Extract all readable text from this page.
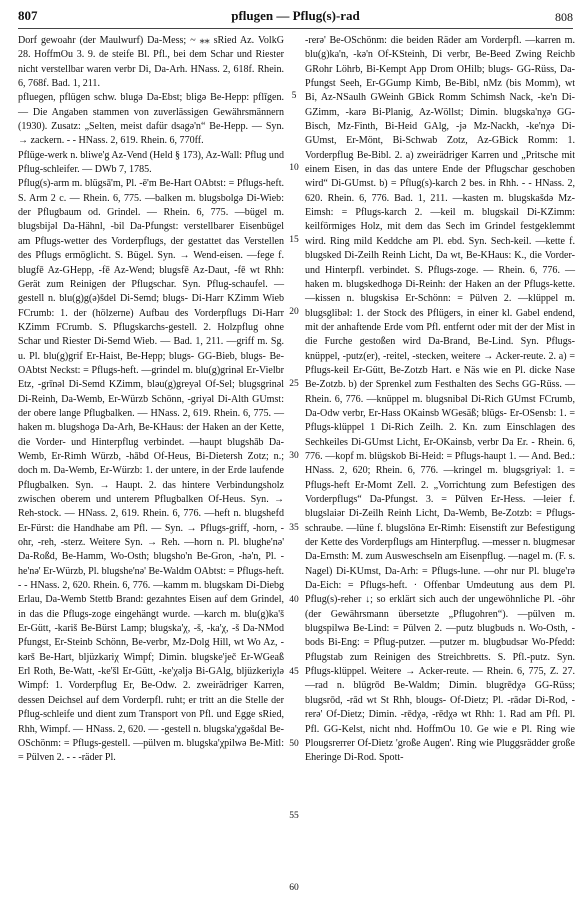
807	pflugen — Pflug(s)-rad	808

Dorf gewoahr (der Maulwurf) Da-Mess; ~ ⁎⁎ sRied Az. VolkG 28. HoffmOu 3. 9. de steife Bl. Pfl., bei dem Schar und Riester nicht verstellbar waren verbr Di, Da-Arh. HNass. 2, 618f. Rhein. 6, 768f. Bad. 1, 211.

pfluegen, pflügen schw. blugə Da-Ebst; bligə Be-Hepp: pflīgen. — Die Angaben stammen von zuverlässigen Gewährsmännern (1930). Zusatz: „Selten, meist dafür dsagə'n“ Be-Hepp. — Syn. → zackern. - - HNass. 2, 619. Rhein. 6, 770ff.

Pflüge-werk n. bliwe'g Az-Vend (Held § 173), Az-Wall: Pflug und Pflug-schleifer. — DWb 7, 1785.

Pflug(s)-arm m. blügsā'm, Pl. -ē'm Be-Hart OAbtst: = Pflugs-heft. S. Arm 2 c. — Rhein. 6, 775. —balken m. blugsbolgə Di-Wieb: der Pflugbaum od. Grindel. — Rhein. 6, 775. —bügel m. blugsbijəl Da-Hähnl, -bil Da-Pfungst: verstellbarer Eisenbügel am Pflugs-wetter des Vorderpflugs, der gestattet das Verstellen des Pflugs ermöglicht. S. Bügel. Syn. → Wend-eisen. —fege f. blugfē Az-GHepp, -fē Az-Wend; blugsfē Az-Daut, -fē wt Rhh: Gerät zum Reinigen der Pflugschar. Syn. Pflug-schaufel. —gestell n. blu(g)g(ə)šdel Di-Semd; blugs- Di-Harr KZimm Wieb FCrumb: 1. der (hölzerne) Aufbau des Vorderpflugs Di-Harr KZimm FCrumb. S. Pflugskarchs-gestell. 2. Holzpflug ohne Schar und Riester Di-Semd Wieb. — Bad. 1, 211. —griff m. Sg. u. Pl. blu(g)grif Er-Haist, Be-Hepp; blugs- GG-Bieb, blugs- Be-OAbtst Neckst: = Pflugs-heft. —grindel m. blu(g)grinəl Er-Vielbr Etz, -grīnəl Di-Semd KZimm, bləu(g)greyəl Of-Sel; blugsgrinəl Di-Reinh, Da-Wemb, Er-Würzb Schönn, -griyəl Di-Alth GUmst: der obere lange Pflugbalken. — HNass. 2, 619. Rhein. 6, 775. —haken m. blugshogə Da-Arh, Be-KHaus: der Haken an der Kette, die Vorder- und Hinterpflug verbindet. —haupt blugshāb Da-Wemb, Er-Rimh Würzb, -hābd Of-Heus, Bi-Dietersh Zotz; n.; doch m. Da-Wemb, Er-Würzb: 1. der untere, in der Erde laufende Pflugbalken. Syn. → Haupt. 2. das hintere Verbindungsholz zwischen oberem und unterem Pflugbalken Of-Heus. Syn. → Reh-stock. — HNass. 2, 619. Rhein. 6, 776. —heft n. blugshefd Er-Fürst: die Handhabe am Pfl. — Syn. → Pflugs-griff, -horn, -ohr, -reh, -sterz. Weitere Syn. → Reh. —horn n. Pl. blughe'nə' Da-Roßd, Be-Hamm, Wo-Osth; blugsho'n Be-Gron, -hə'n, Pl. -he'nə' Er-Würzb, Pl. blugshe'nə' Be-Waldm OAbtst: = Pflugs-heft. - - HNass. 2, 620. Rhein. 6, 776. —kamm m. blugskam Di-Diebg Erlau, Da-Wemb Stettb Brand: gezahntes Eisen auf dem Grindel, in das die Pflugs-zoge eingehängt wurde. —karch m. blu(g)ka'š Er-Gütt, -kariš Be-Bürst Lamp; blugska'χ, -š, -ka'χ, -š Da-NMod Pfungst, Er-Steinb Schönn, Be-verbr, Mz-Dolg Hill, wt Wo Az, -kərš Be-Hart, bljüzkariχ Wimpf; Dimin. blugske'ječ Er-WGeaß Erl Roth, Be-Watt, -ke'šl Er-Gütt, -ke'χəljə Bi-GAlg, bljüzkeriχlə Wimpf: 1. Vorderpflug Er, Be-Odw. 2. zweirädriger Karren, dessen Deichsel auf dem Vorderpfl. ruht; er tritt an die Stelle der Pflug-schleife und dient zum Transport von Pfl. und Egge sRied, Rhh, Wimpf. — HNass. 2, 620. — -gestell n. blugska'χgəšdal Be-OSchönm: = Pflugs-gestell. —pülven m. blugska'χpilwə Be-Mitl: = Pülven 2. - - -räder Pl.

5
10
15
20
25
30
35
40
45
50
55
60

-rerə' Be-OSchönm: die beiden Räder am Vorderpfl. —karren m. blu(g)ka'n, -kə'n Of-KSteinh, Di verbr, Be-Beed Zwing Reichb GRohr Löhrb, Bi-Kempt App Drom OHilb; blugs- GG-Rüss, Da-Pfungst Seeh, Er-GGump Kimb, Be-Bibl, nMz (bis Momm), wt Bi, Az-NSaulh GWeinh GBick Romm Schimsh Nack, -ke'n Di-GZimm, -karə Bi-Planig, Az-Wöllst; Dimin. blugska'nχə GG-Bisch, Mz-Finth, Bi-Heid GAlg, -jə Mz-Nackh, -ke'nχə Di-GUmst, Er-Mönt, Bi-Schwab Zotz, Az-GBick Romm: 1. Vorderpflug Be-Bibl. 2. a) zweirädriger Karren und „Pritsche mit einem Eisen, in das das untere Ende der Pflugschar geschoben wird“ Di-GUmst. b) = Pflug(s)-karch 2 bes. in Rhh. - - HNass. 2, 620. Rhein. 6, 776. Bad. 1, 211. —kasten m. blugskašdə Mz-Eimsh: = Pflugs-karch 2. —keil m. blugskail Di-KZimm: keilförmiges Holz, mit dem das Sech im Grindel festgeklemmt wird. Ring mild Keddche am Pl. ebd. Syn. Sech-keil. —kette f. blugsked Di-Zeilh Reinh Licht, Da wt, Be-KHaus: K., die Vorder- und Hinterpfl. verbindet. S. Pflugs-zoge. — Rhein. 6, 776. —haken m. blugskedhogə Di-Reinh: der Haken an der Pflugs-kette. —kissen n. blugskisə Er-Schönn: = Pülven 2. —klüppel m. blugsglibəl: 1. der Stock des Pflügers, in einer kl. Gabel endend, mit der anhaftende Erde vom Pfl. entfernt oder mit der der Mist in die Furche gestoßen wird Da-Brand, Be-Lind. Syn. Pflugs-knüppel, -putz(er), -reitel, -stecken, weitere → Acker-reute. 2. a) = Pflugs-keil Er-Gütt, Be-Zotzb Hart. e Näs wie en Pl. dicke Nase Be-Zotzb. b) der Sprenkel zum Festhalten des Sechs GG-Rüss. — Rhein. 6, 776. —knüppel m. blugsnibəl Di-Rich GUmst FCrumb, Da-Odw verbr, Er-Hass OKainsb WGesäß; blügs- Er-OSensb: 1. = Pflugs-klüppel 1 Di-Rich Zeilh. 2. Kn. zum Einschlagen des Sechkeiles Di-GUmst Licht, Er-OKainsb, verbr Da Er. - Rhein. 6, 776. —kopf m. blügskob Bi-Heid: = Pflugs-haupt 1. — And. Bed.: HNass. 2, 620; Rhein. 6, 776. —kringel m. blugsgriyəl: 1. = Pflugs-heft Er-Momt Zell. 2. „Vorrichtung zum Befestigen des Vorderpflugs“ Da-Pfungst. 3. = Pülven Er-Hess. —leier f. blugslaiər Di-Zeilh Reinh Licht, Da-Wemb, Be-Zotzb: = Pflugs-schraube. —lüne f. blugslönə Er-Rimh: Eisenstift zur Befestigung der Kette des Vorderpflugs am Hinterpflug. —messer n. blugmesər Da-Ernsth: M. zum Ausweschseln am Eisenpflug. —nagel m. (F. s. Nagel) Di-KUmst, Da-Arh: = Pflugs-lune. —ohr nur Pl. bluge'rə Da-Eich: = Pflugs-heft. · Offenbar Umdeutung aus dem Pl. Pflug(s)-reher ↓; so erklärt sich auch der ungewöhnliche Pl. -öhr (der Gewährsmann übersetzte „Pflugohren“). —pülven m. blugspilwə Be-Lind: = Pülven 2. —putz blugbuds n. Wo-Osth, -bods Bi-Eng: = Pflug-putzer. —putzer m. blugbudsər Wo-Pfedd: Pflugstab zum Reinigen des Streichbretts. S. Pfl.-putz. Syn. Pflugs-klüppel. Weitere → Acker-reute. — Rhein. 6, 775, Z. 27. —rad n. blügrōd Be-Waldm; Dimin. blugrēdχə GG-Rüss; blugsrōd, -rād wt St Rhh, blougs- Of-Dietz; Pl. -rādər Di-Rod, -rerə' Of-Dietz; Dimin. -rēdχə, -rēdχə wt Rhh: 1. Rad am Pfl. Pl. Pfl. GG-Kelst, nicht nhd. HoffmOu 10. Ge wie e Pl. Ring wie Plougsrerrer Of-Dietz 'große Augen'. Ring wie Pluggsrädder große Eheringe Di-Rod. Spott-
